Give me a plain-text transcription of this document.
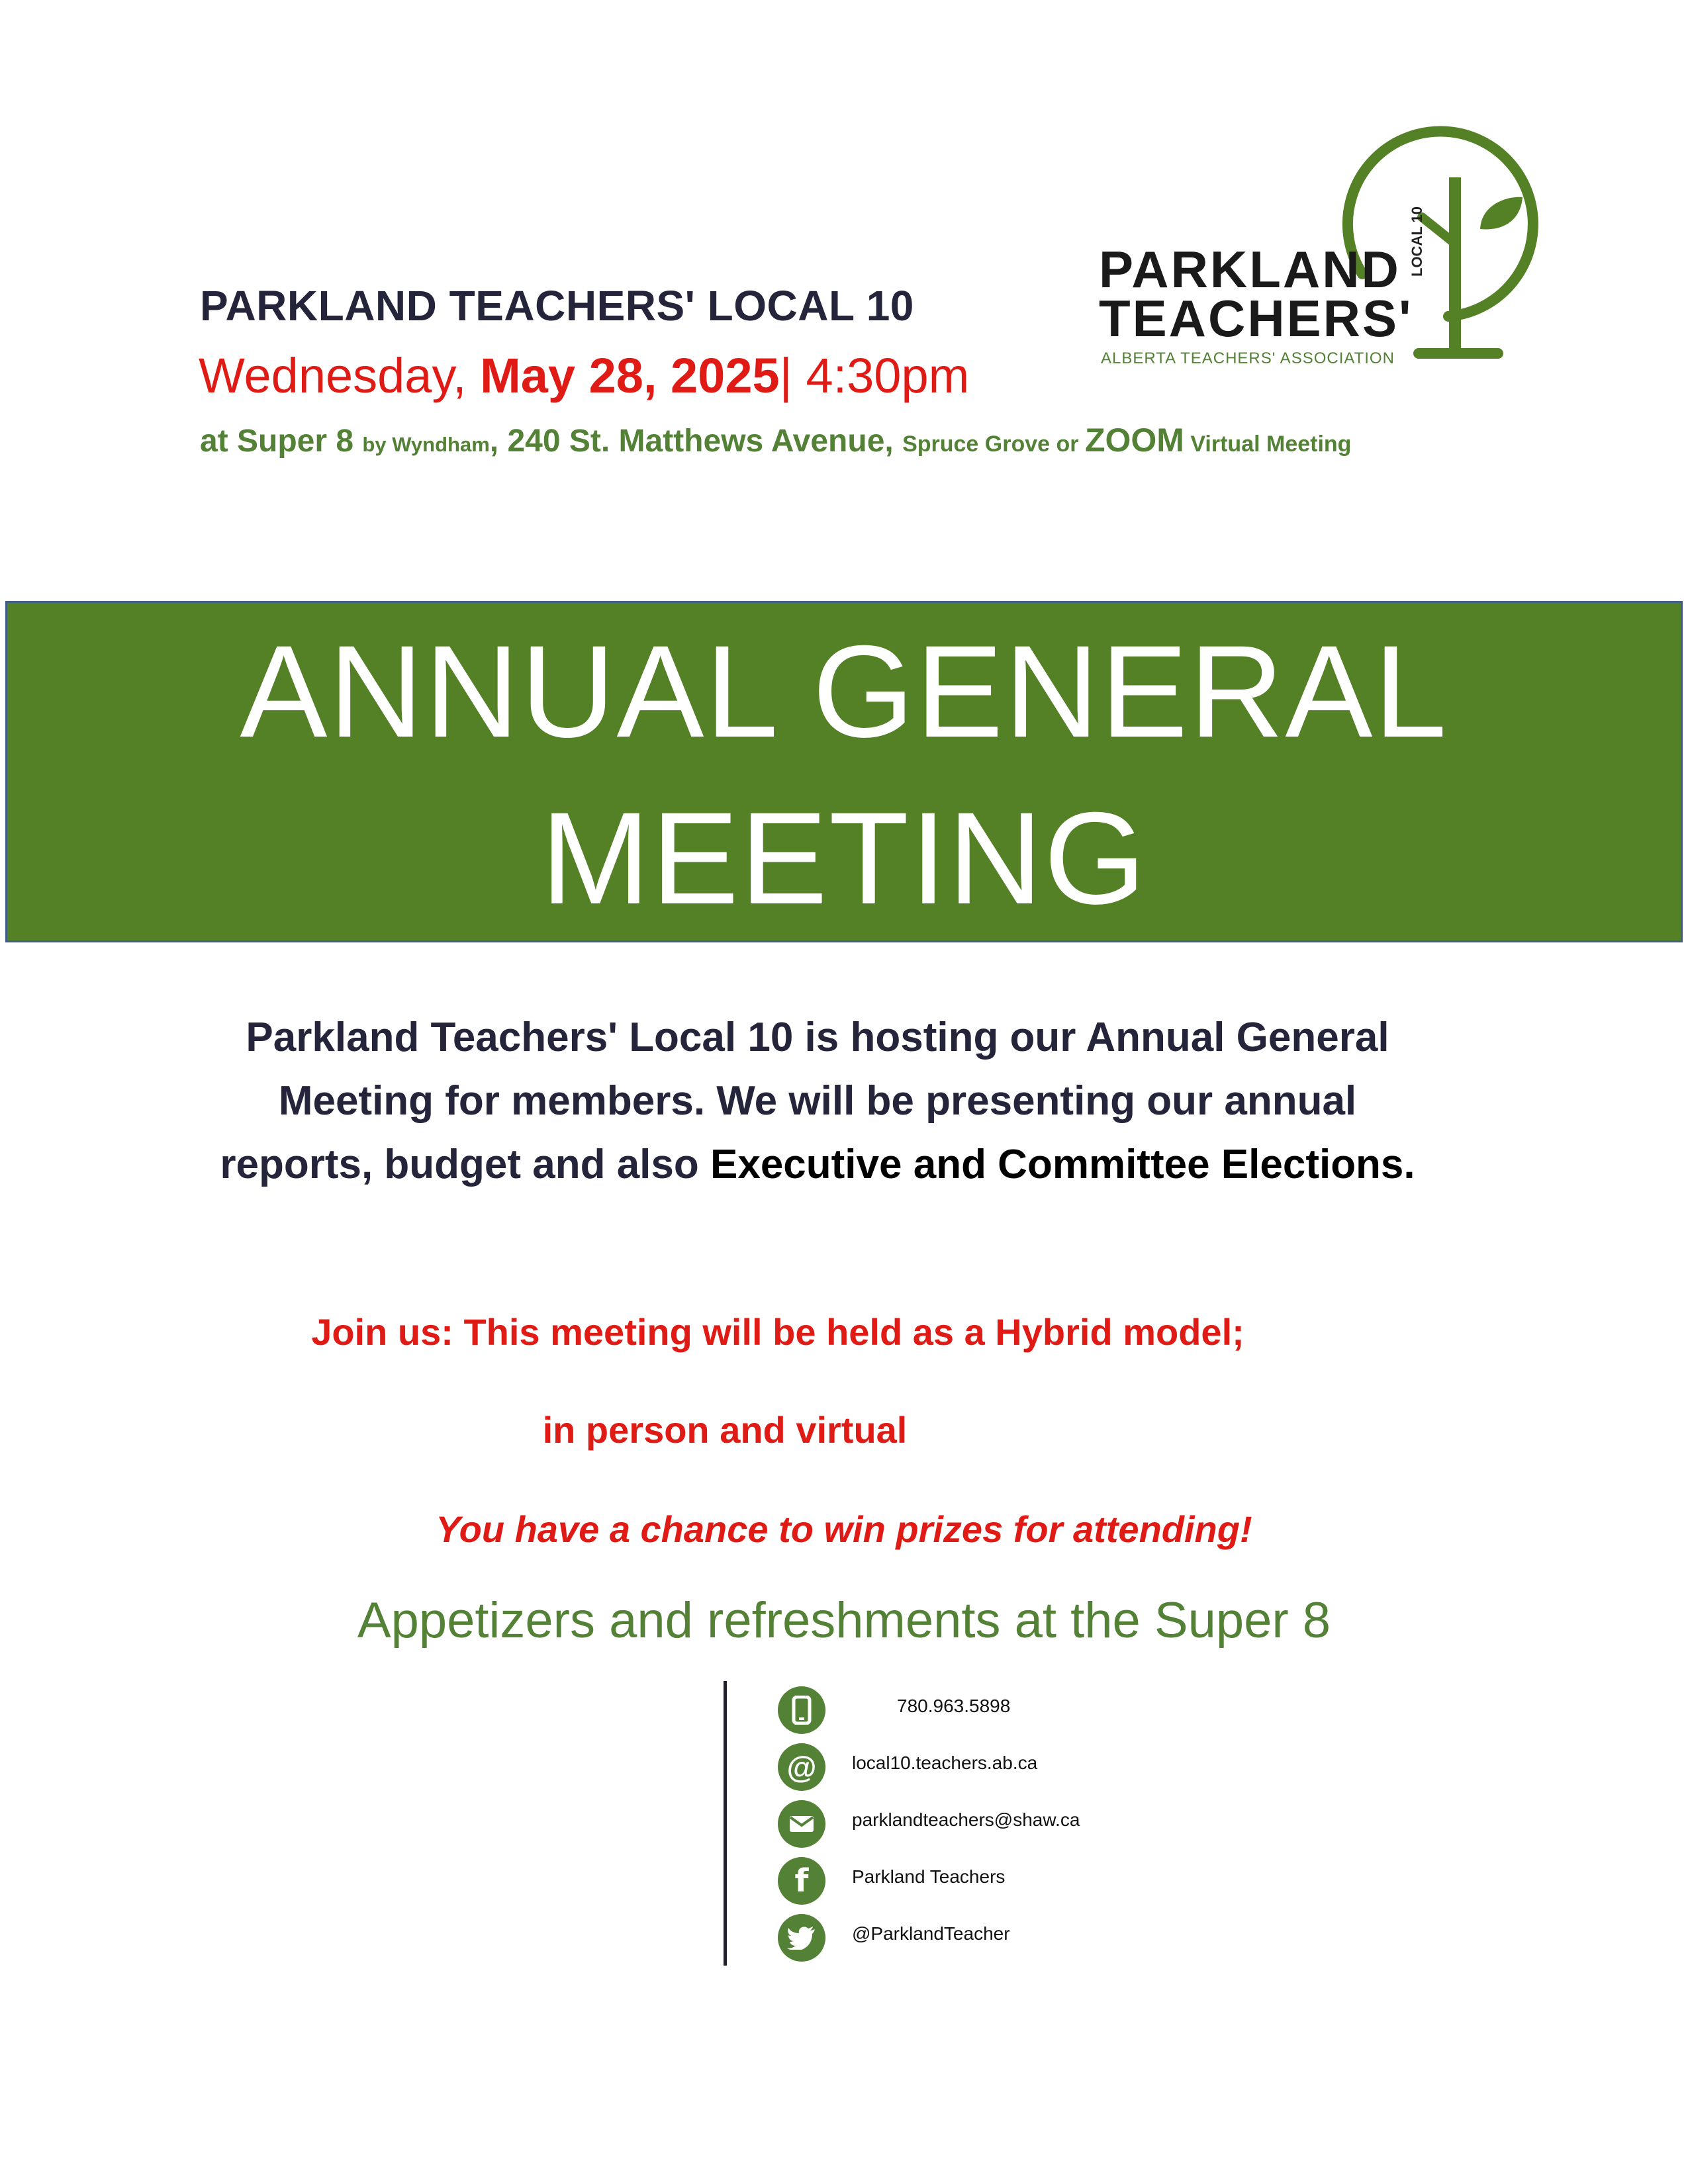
PARKLAND TEACHERS' LOCAL 10
Wednesday, May 28, 2025| 4:30pm
at Super 8 by Wyndham, 240 St. Matthews Avenue, Spruce Grove or ZOOM Virtual Meeting
PARKLAND
TEACHERS'
ALBERTA TEACHERS' ASSOCIATION
LOCAL 10
ANNUAL GENERAL
MEETING
Parkland Teachers' Local 10 is hosting our Annual General Meeting for members. We will be presenting our annual reports, budget and also Executive and Committee Elections.
Join us: This meeting will be held as a Hybrid model;
in person and virtual
You have a chance to win prizes for attending!
Appetizers and refreshments at the Super 8
780.963.5898
@	local10.teachers.ab.ca
parklandteachers@shaw.ca
f	Parkland Teachers
@ParklandTeacher
